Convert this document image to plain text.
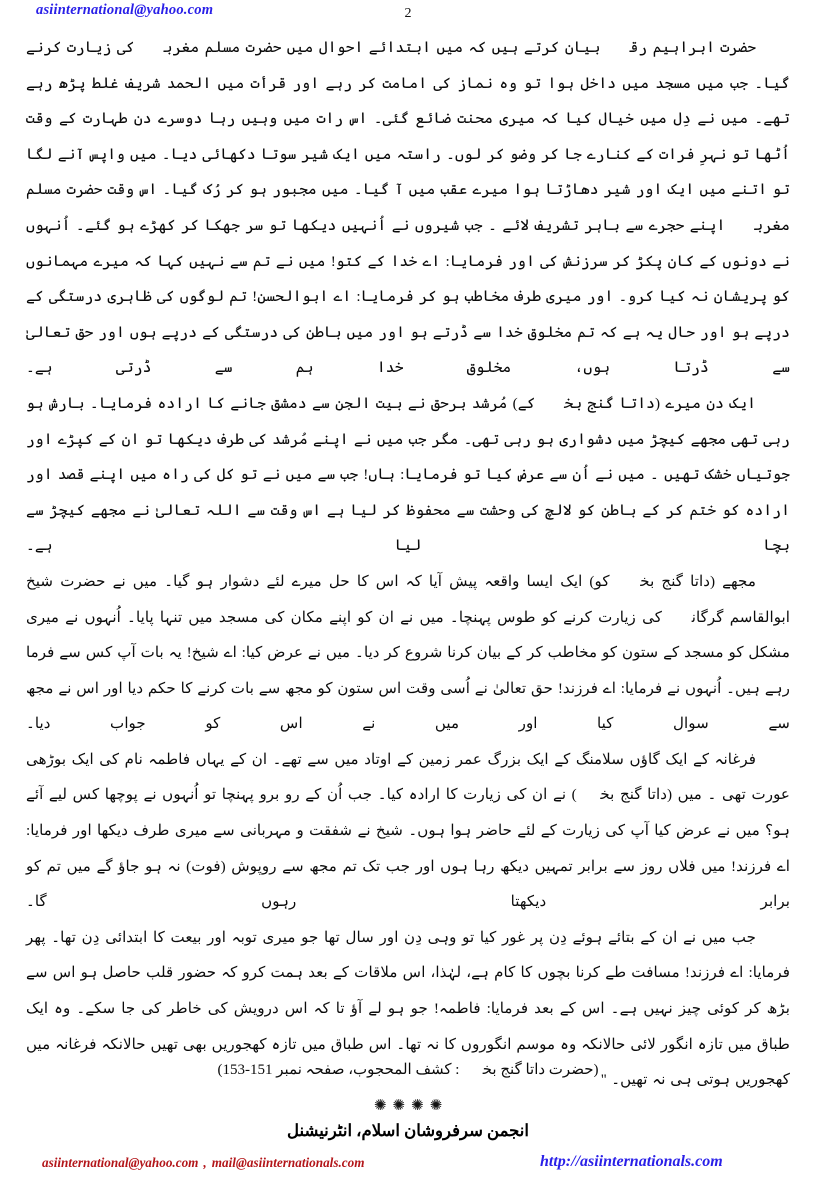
asiinternational@yahoo.com	2

حضرت ابراہیم رقیؒ بیان کرتے ہیں کہ میں ابتدائے احوال میں حضرت مسلم مغربیؒ کی زیارت کرنے گیا۔ جب میں مسجد میں داخل ہوا تو وہ نماز کی امامت کر رہے اور قرأت میں الحمد شریف غلط پڑھ رہے تھے۔ میں نے دِل میں خیال کیا کہ میری محنت ضائع گئی۔ اس رات میں وہیں رہا دوسرے دن طہارت کے وقت اُٹھا تو نہرِ فرات کے کنارے جا کر وضو کر لوں۔ راستہ میں ایک شیر سوتا دکھائی دیا۔ میں واپس آنے لگا تو اتنے میں ایک اور شیر دھاڑتا ہوا میرے عقب میں آ گیا۔ میں مجبور ہو کر رُک گیا۔ اس وقت حضرت مسلم مغربیؒ اپنے حجرے سے باہر تشریف لائے ۔ جب شیروں نے اُنہیں دیکھا تو سر جھکا کر کھڑے ہو گئے۔ اُنہوں نے دونوں کے کان پکڑ کر سرزنش کی اور فرمایا: اے خدا کے کتو! میں نے تم سے نہیں کہا کہ میرے مہمانوں کو پریشان نہ کیا کرو۔ اور میری طرف مخاطب ہو کر فرمایا: اے ابوالحسن! تم لوگوں کی ظاہری درستگی کے درپے ہو اور حال یہ ہے کہ تم مخلوق خدا سے ڈرتے ہو اور میں باطن کی درستگی کے درپے ہوں اور حق تعالیٰ سے ڈرتا ہوں، مخلوق خدا ہم سے ڈرتی ہے۔

ایک دن میرے (داتا گنج بخشؒ کے) مُرشد برحق نے بیت الجن سے دمشق جانے کا ارادہ فرمایا۔ بارش ہو رہی تھی مجھے کیچڑ میں دشواری ہو رہی تھی۔ مگر جب میں نے اپنے مُرشد کی طرف دیکھا تو ان کے کپڑے اور جوتیاں خشک تھیں ۔ میں نے اُن سے عرض کیا تو فرمایا: ہاں! جب سے میں نے تو کل کی راہ میں اپنے قصد اور ارادہ کو ختم کر کے باطن کو لالچ کی وحشت سے محفوظ کر لیا ہے اس وقت سے اللہ تعالیٰ نے مجھے کیچڑ سے بچا لیا ہے۔

مجھے (داتا گنج بخشؒ کو) ایک ایسا واقعہ پیش آیا کہ اس کا حل میرے لئے دشوار ہو گیا۔ میں نے حضرت شیخ ابوالقاسم گرگانیؒ کی زیارت کرنے کو طوس پہنچا۔ میں نے ان کو اپنے مکان کی مسجد میں تنہا پایا۔ اُنہوں نے میری مشکل کو مسجد کے ستون کو مخاطب کر کے بیان کرنا شروع کر دیا۔ میں نے عرض کیا: اے شیخ! یہ بات آپ کس سے فرما رہے ہیں۔ اُنہوں نے فرمایا: اے فرزند! حق تعالیٰ نے اُسی وقت اس ستون کو مجھ سے بات کرنے کا حکم دیا اور اس نے مجھ سے سوال کیا اور میں نے اس کو جواب دیا۔

فرغانہ کے ایک گاؤں سلامنگ کے ایک بزرگ عمر زمین کے اوتاد میں سے تھے۔ ان کے یہاں فاطمہ نام کی ایک بوڑھی عورت تھی ۔ میں (داتا گنج بخشؒ) نے ان کی زیارت کا ارادہ کیا۔ جب اُن کے رو برو پہنچا تو اُنہوں نے پوچھا کس لیے آئے ہو؟ میں نے عرض کیا آپ کی زیارت کے لئے حاضر ہوا ہوں۔ شیخ نے شفقت و مہربانی سے میری طرف دیکھا اور فرمایا: اے فرزند! میں فلاں روز سے برابر تمہیں دیکھ رہا ہوں اور جب تک تم مجھ سے روپوش (فوت) نہ ہو جاؤ گے میں تم کو برابر دیکھتا رہوں گا۔

جب میں نے ان کے بتائے ہوئے دِن پر غور کیا تو وہی دِن اور سال تھا جو میری توبہ اور بیعت کا ابتدائی دِن تھا۔ پھر فرمایا: اے فرزند! مسافت طے کرنا بچوں کا کام ہے، لہٰذا، اس ملاقات کے بعد ہمت کرو کہ حضور قلب حاصل ہو اس سے بڑھ کر کوئی چیز نہیں ہے۔ اس کے بعد فرمایا: فاطمہ! جو ہو لے آؤ تا کہ اس درویش کی خاطر کی جا سکے۔ وہ ایک طباق میں تازہ انگور لائی حالانکہ وہ موسم انگوروں کا نہ تھا۔ اس طباق میں تازہ کھجوریں بھی تھیں حالانکہ فرغانہ میں کھجوریں ہوتی ہی نہ تھیں۔ ''

(حضرت داتا گنج بخشؒ: کشف المحجوب، صفحہ نمبر 151-153)
✺ ✺ ✺ ✺
انجمن سرفروشان اسلام، انٹرنیشنل
asiinternational@yahoo.com , mail@asiinternationals.com	http://asiinternationals.com
